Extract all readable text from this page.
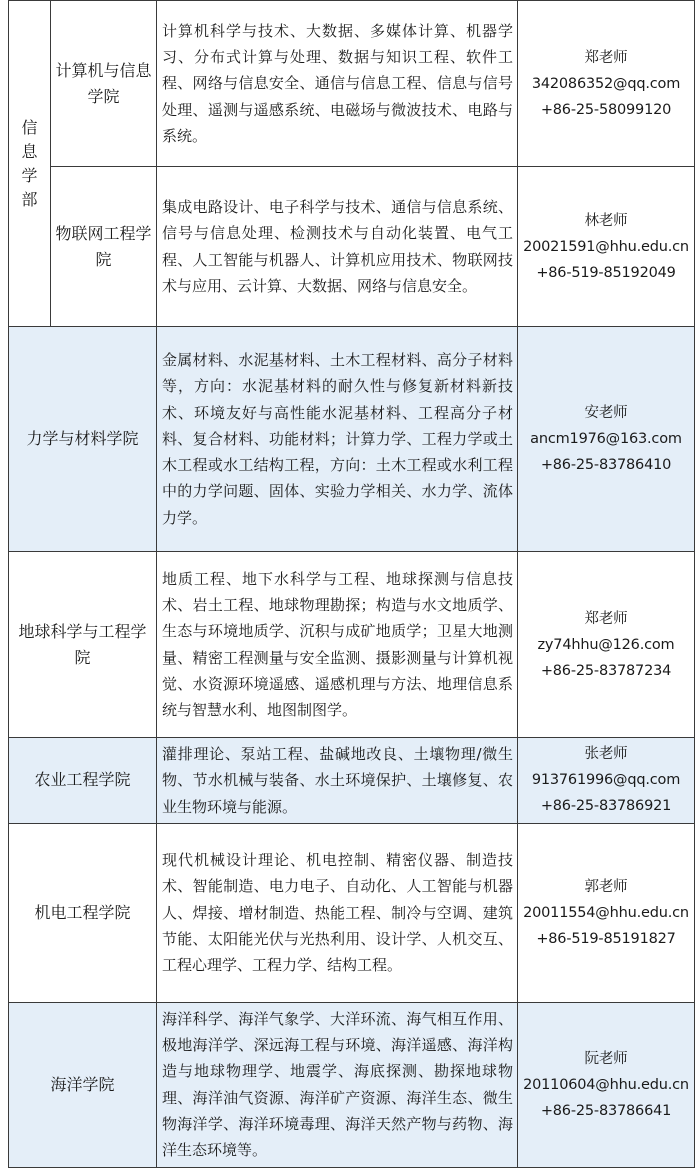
信息学部	计算机与信息学院	计算机科学与技术、大数据、多媒体计算、机器学习、分布式计算与处理、数据与知识工程、软件工程、网络与信息安全、通信与信息工程、信息与信号处理、遥测与遥感系统、电磁场与微波技术、电路与系统。	郑老师
342086352@qq.com
+86-25-58099120

	物联网工程学院	集成电路设计、电子科学与技术、通信与信息系统、信号与信息处理、检测技术与自动化装置、电气工程、人工智能与机器人、计算机应用技术、物联网技术与应用、云计算、大数据、网络与信息安全。	林老师
20021591@hhu.edu.cn
+86-519-85192049

力学与材料学院		金属材料、水泥基材料、土木工程材料、高分子材料等，方向：水泥基材料的耐久性与修复新材料新技术、环境友好与高性能水泥基材料、工程高分子材料、复合材料、功能材料；计算力学、工程力学或土木工程或水工结构工程，方向：土木工程或水利工程中的力学问题、固体、实验力学相关、水力学、流体力学。	安老师
ancm1976@163.com
+86-25-83786410

地球科学与工程学院		地质工程、地下水科学与工程、地球探测与信息技术、岩土工程、地球物理勘探；构造与水文地质学、生态与环境地质学、沉积与成矿地质学；卫星大地测量、精密工程测量与安全监测、摄影测量与计算机视觉、水资源环境遥感、遥感机理与方法、地理信息系统与智慧水利、地图制图学。	郑老师
zy74hhu@126.com
+86-25-83787234

农业工程学院		灌排理论、泵站工程、盐碱地改良、土壤物理/微生物、节水机械与装备、水土环境保护、土壤修复、农业生物环境与能源。	张老师
913761996@qq.com
+86-25-83786921

机电工程学院		现代机械设计理论、机电控制、精密仪器、制造技术、智能制造、电力电子、自动化、人工智能与机器人、焊接、增材制造、热能工程、制冷与空调、建筑节能、太阳能光伏与光热利用、设计学、人机交互、工程心理学、工程力学、结构工程。	郭老师
20011554@hhu.edu.cn
+86-519-85191827

海洋学院		海洋科学、海洋气象学、大洋环流、海气相互作用、极地海洋学、深远海工程与环境、海洋遥感、海洋构造与地球物理学、地震学、海底探测、勘探地球物理、海洋油气资源、海洋矿产资源、海洋生态、微生物海洋学、海洋环境毒理、海洋天然产物与药物、海洋生态环境等。	阮老师
20110604@hhu.edu.cn
+86-25-83786641
